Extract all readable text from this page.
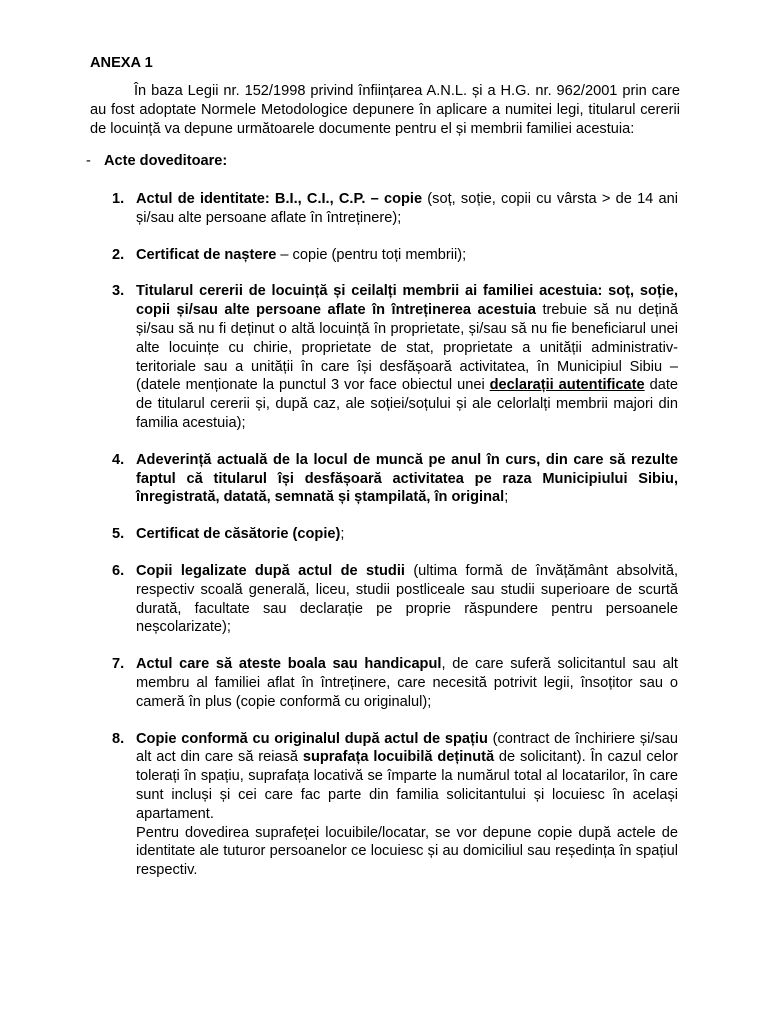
ANEXA 1
În baza Legii nr. 152/1998 privind înființarea A.N.L. și a H.G. nr. 962/2001 prin care au fost adoptate Normele Metodologice depunere în aplicare a numitei legi, titularul cererii de locuință va depune următoarele documente pentru el și membrii familiei acestuia:
- Acte doveditoare:
1. Actul de identitate: B.I., C.I., C.P. – copie (soț, soție, copii cu vârsta > de 14 ani și/sau alte persoane aflate în întreținere);
2. Certificat de naștere – copie (pentru toți membrii);
3. Titularul cererii de locuință și ceilalți membrii ai familiei acestuia: soț, soție, copii și/sau alte persoane aflate în întreținerea acestuia trebuie să nu dețină și/sau să nu fi deținut o altă locuință în proprietate, și/sau să nu fie beneficiarul unei alte locuințe cu chirie, proprietate de stat, proprietate a unității administrativ-teritoriale sau a unității în care își desfășoară activitatea, în Municipiul Sibiu – (datele menționate la punctul 3 vor face obiectul unei declarații autentificate date de titularul cererii și, după caz, ale soției/soțului și ale celorlalți membrii majori din familia acestuia);
4. Adeverință actuală de la locul de muncă pe anul în curs, din care să rezulte faptul că titularul își desfășoară activitatea pe raza Municipiului Sibiu, înregistrată, datată, semnată și ștampilată, în original;
5. Certificat de căsătorie (copie);
6. Copii legalizate după actul de studii (ultima formă de învățământ absolvită, respectiv scoală generală, liceu, studii postliceale sau studii superioare de scurtă durată, facultate sau declarație pe proprie răspundere pentru persoanele neșcolarizate);
7. Actul care să ateste boala sau handicapul, de care suferă solicitantul sau alt membru al familiei aflat în întreținere, care necesită potrivit legii, însoțitor sau o cameră în plus (copie conformă cu originalul);
8. Copie conformă cu originalul după actul de spațiu (contract de închiriere și/sau alt act din care să reiasă suprafața locuibilă deținută de solicitant). În cazul celor tolerați în spațiu, suprafața locativă se împarte la numărul total al locatarilor, în care sunt incluși și cei care fac parte din familia solicitantului și locuiesc în același apartament.
Pentru dovedirea suprafeței locuibile/locatar, se vor depune copie după actele de identitate ale tuturor persoanelor ce locuiesc și au domiciliul sau reședința în spațiul respectiv.
